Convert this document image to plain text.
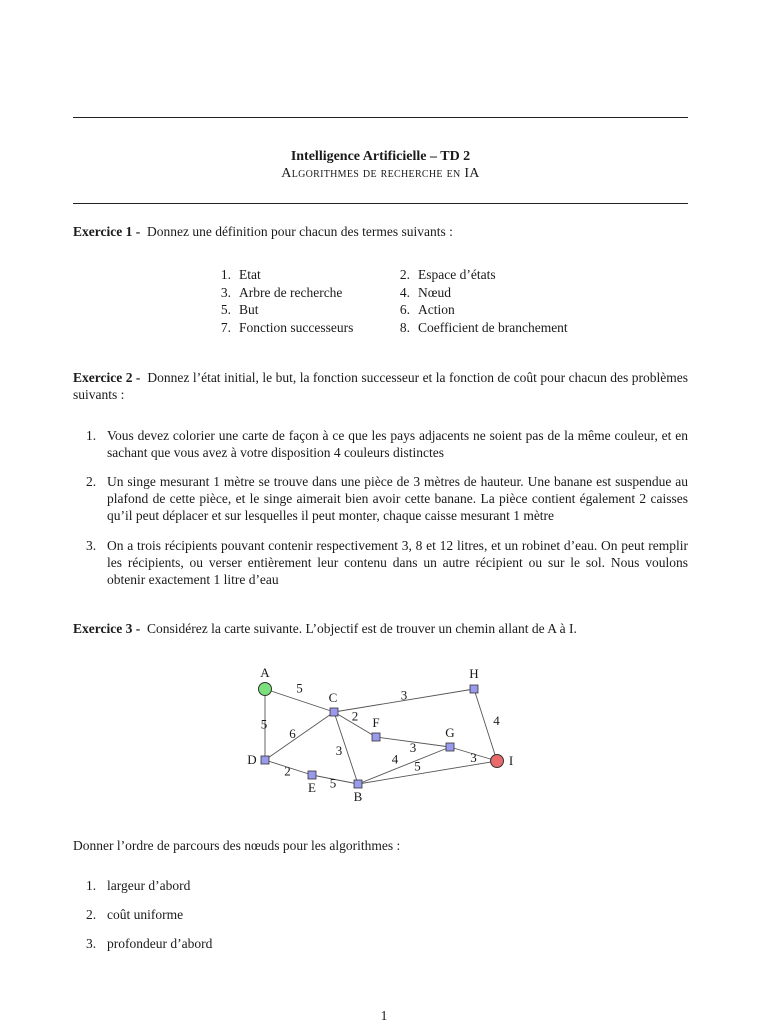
Intelligence Artificielle – TD 2
Algorithmes de recherche en IA
Exercice 1 - Donnez une définition pour chacun des termes suivants :
1. Etat	2. Espace d’états
3. Arbre de recherche	4. Nœud
5. But	6. Action
7. Fonction successeurs	8. Coefficient de branchement
Exercice 2 - Donnez l’état initial, le but, la fonction successeur et la fonction de coût pour chacun des problèmes suivants :
1. Vous devez colorier une carte de façon à ce que les pays adjacents ne soient pas de la même couleur, et en sachant que vous avez à votre disposition 4 couleurs distinctes
2. Un singe mesurant 1 mètre se trouve dans une pièce de 3 mètres de hauteur. Une banane est suspendue au plafond de cette pièce, et le singe aimerait bien avoir cette banane. La pièce contient également 2 caisses qu’il peut déplacer et sur lesquelles il peut monter, chaque caisse mesurant 1 mètre
3. On a trois récipients pouvant contenir respectivement 3, 8 et 12 litres, et un robinet d’eau. On peut remplir les récipients, ou verser entièrement leur contenu dans un autre récipient ou sur le sol. Nous voulons obtenir exactement 1 litre d’eau
Exercice 3 - Considérez la carte suivante. L’objectif est de trouver un chemin allant de A à I.
5
5
3
2
6
3	3
3
4
2
5
4 5
A
C
H
F
G
D
E
B
I
Donner l’ordre de parcours des nœuds pour les algorithmes :
1. largeur d’abord
2. coût uniforme
3. profondeur d’abord
1
